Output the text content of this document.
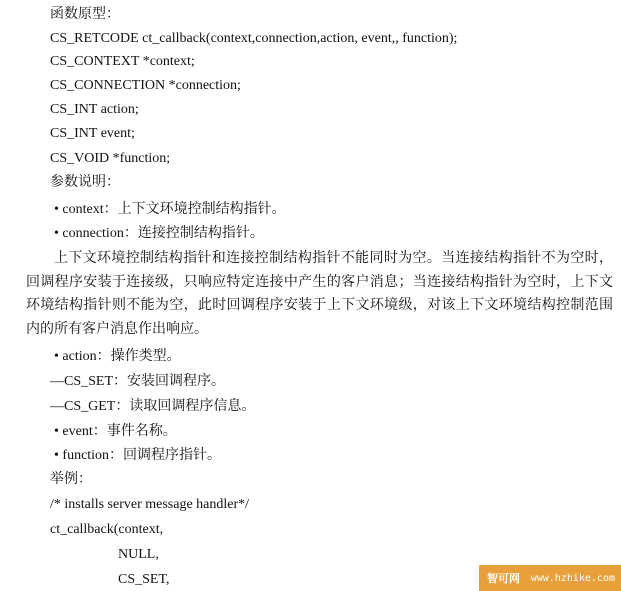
函数原型：
CS_RETCODE ct_callback(context,connection,action, event,, function);
CS_CONTEXT *context;
CS_CONNECTION *connection;
CS_INT action;
CS_INT event;
CS_VOID *function;
参数说明：
• context：上下文环境控制结构指针。
• connection：连接控制结构指针。
上下文环境控制结构指针和连接控制结构指针不能同时为空。当连接结构指针不为空时，回调程序安装于连接级，只响应特定连接中产生的客户消息；当连接结构指针为空时，上下文环境结构指针则不能为空，此时回调程序安装于上下文环境级，对该上下文环境结构控制范围内的所有客户消息作出响应。
• action：操作类型。
—CS_SET：安装回调程序。
—CS_GET：读取回调程序信息。
• event：事件名称。
• function：回调程序指针。
举例：
/* installs server message handler*/
ct_callback(context,
NULL,
CS_SET,	智可网 www.hzhike.com
